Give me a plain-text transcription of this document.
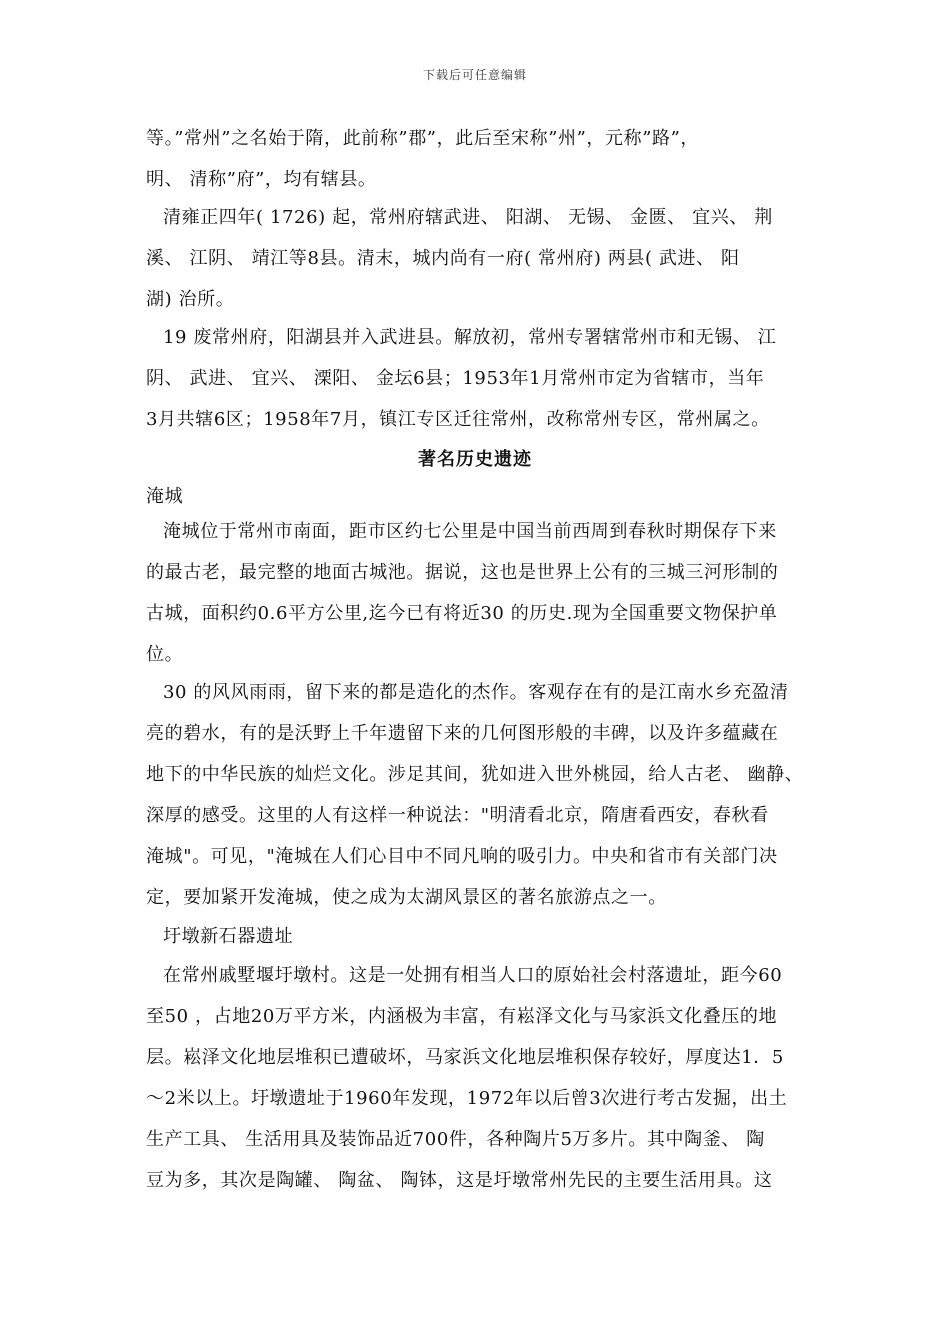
下载后可任意编辑
等。”常州”之名始于隋，此前称”郡”，此后至宋称”州”，元称”路”，
明、 清称”府”，均有辖县。
清雍正四年( 1726) 起，常州府辖武进、 阳湖、 无锡、 金匮、 宜兴、 荆
溪、 江阴、 靖江等8县。清末，城内尚有一府( 常州府) 两县( 武进、 阳
湖) 治所。
19 废常州府，阳湖县并入武进县。解放初，常州专署辖常州市和无锡、 江
阴、 武进、 宜兴、 溧阳、 金坛6县；1953年1月常州市定为省辖市，当年
3月共辖6区；1958年7月，镇江专区迁往常州，改称常州专区，常州属之。
著名历史遗迹
淹城
淹城位于常州市南面，距市区约七公里是中国当前西周到春秋时期保存下来
的最古老，最完整的地面古城池。据说，这也是世界上公有的三城三河形制的
古城，面积约0.6平方公里,迄今已有将近30 的历史.现为全国重要文物保护单
位。
30 的风风雨雨，留下来的都是造化的杰作。客观存在有的是江南水乡充盈清
亮的碧水，有的是沃野上千年遗留下来的几何图形般的丰碑，以及许多蕴藏在
地下的中华民族的灿烂文化。涉足其间，犹如进入世外桃园，给人古老、 幽静、
深厚的感受。这里的人有这样一种说法："明清看北京，隋唐看西安，春秋看
淹城"。可见，"淹城在人们心目中不同凡响的吸引力。中央和省市有关部门决
定，要加紧开发淹城，使之成为太湖风景区的著名旅游点之一。
圩墩新石器遗址
在常州戚墅堰圩墩村。这是一处拥有相当人口的原始社会村落遗址，距今60
至50 ，占地20万平方米，内涵极为丰富，有崧泽文化与马家浜文化叠压的地
层。崧泽文化地层堆积已遭破坏，马家浜文化地层堆积保存较好，厚度达1．5
～2米以上。圩墩遗址于1960年发现，1972年以后曾3次进行考古发掘，出土
生产工具、 生活用具及装饰品近700件，各种陶片5万多片。其中陶釜、 陶
豆为多，其次是陶罐、 陶盆、 陶钵，这是圩墩常州先民的主要生活用具。这
